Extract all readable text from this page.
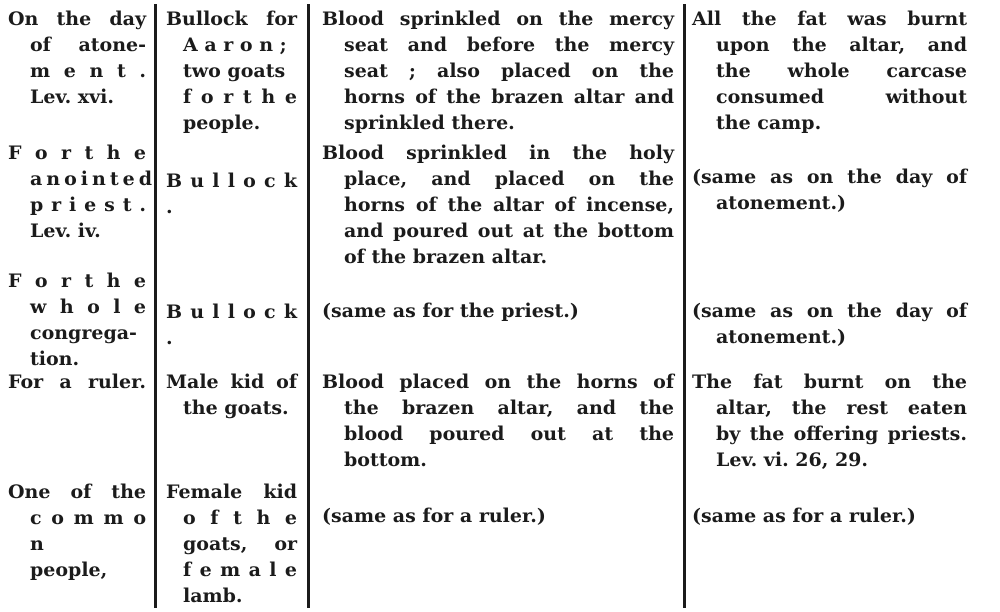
On the day
of atone-
m e n t .
Lev. xvi.
F o r t h e
anointed
p r i e s t .
Lev. iv.
F o r t h e
w h o l e
congrega-
tion.
For a ruler.
One of the
c o m m o n
people,
Bullock for
A a r o n ;
two goats
f o r t h e
people.
B u l l o c k .
B u l l o c k .
Male kid of
the goats.
Female kid
o f t h e
goats, or
f e m a l e
lamb.
Blood sprinkled on the mercy
seat and before the mercy
seat ; also placed on the
horns of the brazen altar and
sprinkled there.
Blood sprinkled in the holy
place, and placed on the
horns of the altar of incense,
and poured out at the bottom
of the brazen altar.
(same as for the priest.)
Blood placed on the horns of
the brazen altar, and the
blood poured out at the
bottom.
(same as for a ruler.)
All the fat was burnt
upon the altar, and
the whole carcase
consumed without
the camp.
(same as on the day of
atonement.)
(same as on the day of
atonement.)
The fat burnt on the
altar, the rest eaten
by the offering priests.
Lev. vi. 26, 29.
(same as for a ruler.)
